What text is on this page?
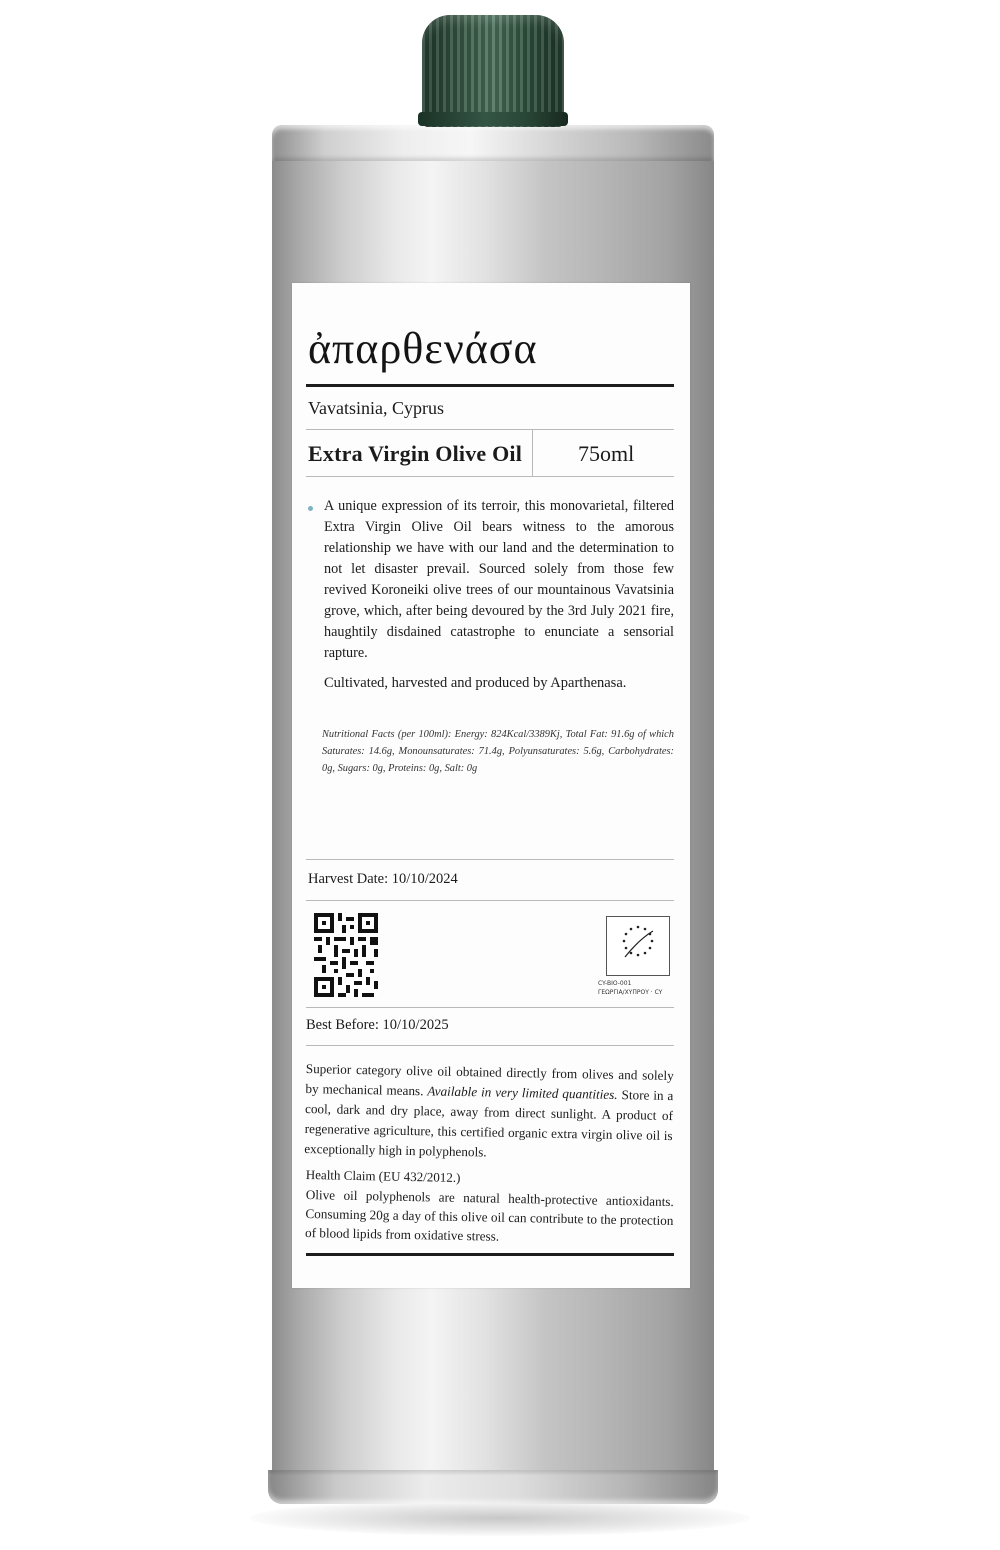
ἀπαρθενάσα
Vavatsinia, Cyprus
Extra Virgin Olive Oil	75oml
A unique expression of its terroir, this monovarietal, filtered Extra Virgin Olive Oil bears witness to the amorous relationship we have with our land and the determination to not let disaster prevail. Sourced solely from those few revived Koroneiki olive trees of our mountainous Vavatsinia grove, which, after being devoured by the 3rd July 2021 fire, haughtily disdained catastrophe to enunciate a sensorial rapture.
Cultivated, harvested and produced by Aparthenasa.
Nutritional Facts (per 100ml): Energy: 824Kcal/3389Kj, Total Fat: 91.6g of which Saturates: 14.6g, Monounsaturates: 71.4g, Polyunsaturates: 5.6g, Carbohydrates: 0g, Sugars: 0g, Proteins: 0g, Salt: 0g
Harvest Date: 10/10/2024
CY-BIO-001
ΓΕΩΡΓΙΑ/ΧΥΠΡΟΥ · CY
Best Before: 10/10/2025
Superior category olive oil obtained directly from olives and solely by mechanical means. Available in very limited quantities. Store in a cool, dark and dry place, away from direct sunlight. A product of regenerative agriculture, this certified organic extra virgin olive oil is exceptionally high in polyphenols.
Health Claim (EU 432/2012.)
Olive oil polyphenols are natural health-protective antioxidants. Consuming 20g a day of this olive oil can contribute to the protection of blood lipids from oxidative stress.
